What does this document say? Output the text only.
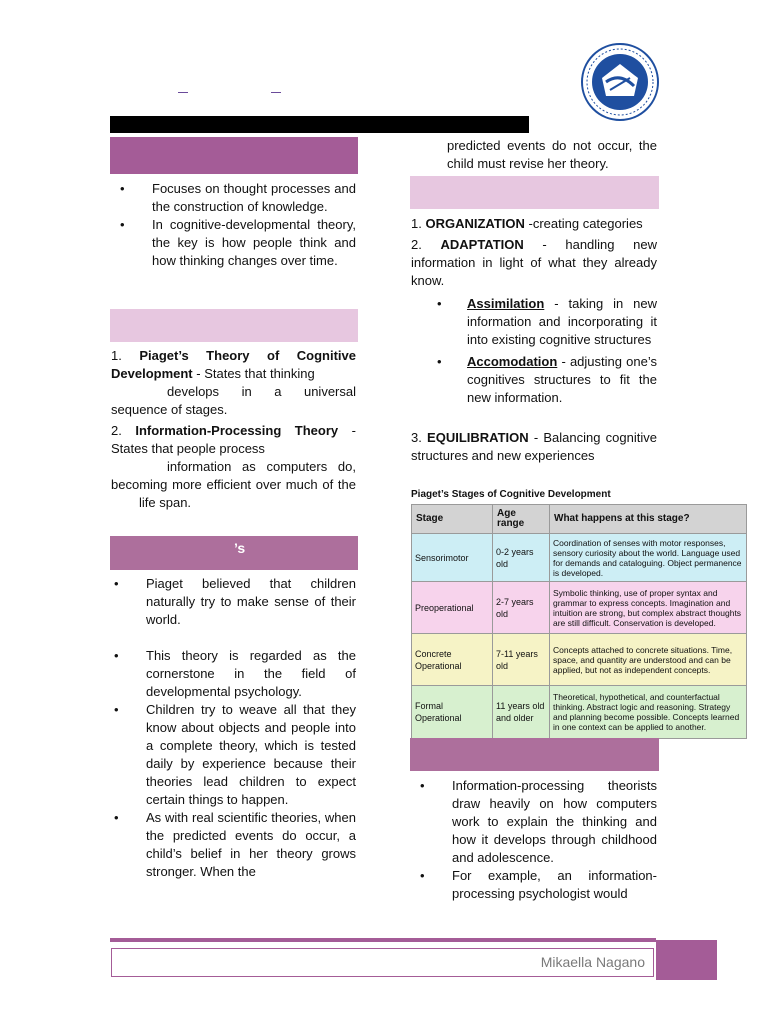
• Focuses on thought processes and the construction of knowledge.
• In cognitive-developmental theory, the key is how people think and how thinking changes over time.
1. Piaget’s Theory of Cognitive Development - States that thinking
develops in a universal sequence of stages.
2. Information-Processing Theory - States that people process
information as computers do, becoming more efficient over much of the life span.
’s
• Piaget believed that children naturally try to make sense of their world.
• This theory is regarded as the cornerstone in the field of developmental psychology.
• Children try to weave all that they know about objects and people into a complete theory, which is tested daily by experience because their theories lead children to expect certain things to happen.
• As with real scientific theories, when the predicted events do occur, a child’s belief in her theory grows stronger. When the
predicted events do not occur, the child must revise her theory.
1. ORGANIZATION -creating categories
2. ADAPTATION - handling new information in light of what they already know.
• Assimilation - taking in new information and incorporating it into existing cognitive structures
• Accomodation - adjusting one’s cognitives structures to fit the new information.
3. EQUILIBRATION - Balancing cognitive structures and new experiences
Piaget’s Stages of Cognitive Development
Stage	Age range	What happens at this stage?
Sensorimotor	0-2 years old	Coordination of senses with motor responses, sensory curiosity about the world. Language used for demands and cataloguing. Object permanence is developed.
Preoperational	2-7 years old	Symbolic thinking, use of proper syntax and grammar to express concepts. Imagination and intuition are strong, but complex abstract thoughts are still difficult. Conservation is developed.
Concrete Operational	7-11 years old	Concepts attached to concrete situations. Time, space, and quantity are understood and can be applied, but not as independent concepts.
Formal Operational	11 years old and older	Theoretical, hypothetical, and counterfactual thinking. Abstract logic and reasoning. Strategy and planning become possible. Concepts learned in one context can be applied to another.
• Information-processing theorists draw heavily on how computers work to explain the thinking and how it develops through childhood and adolescence.
• For example, an information-processing psychologist would
Mikaella Nagano
